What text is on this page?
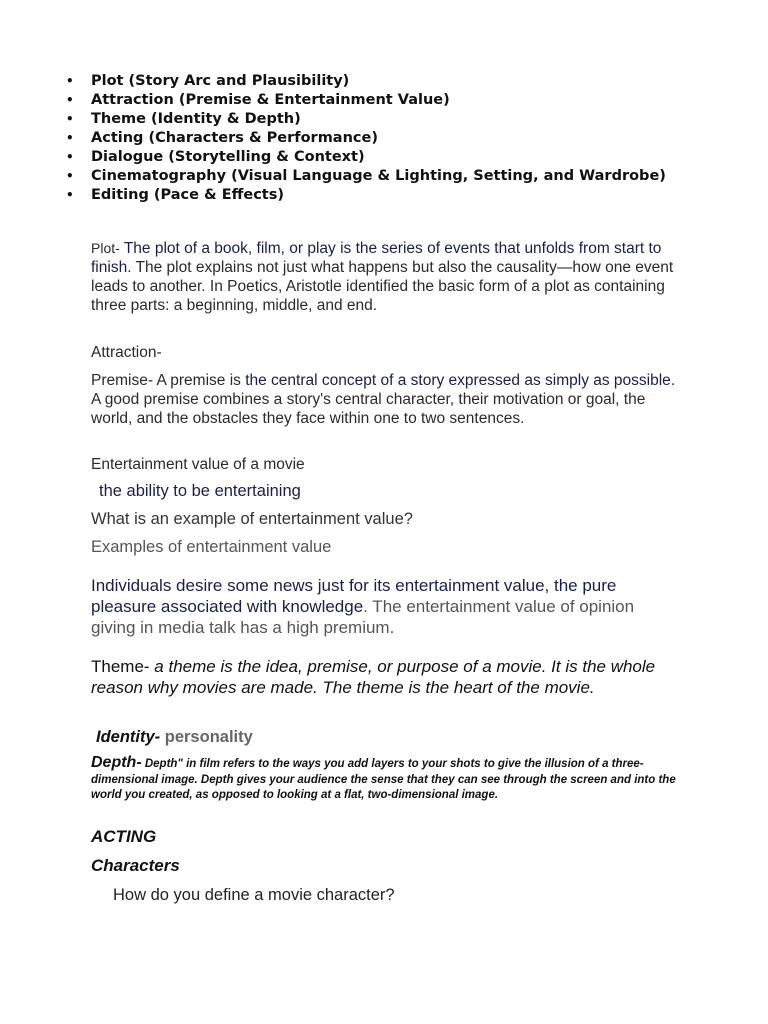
• Plot (Story Arc and Plausibility)
• Attraction (Premise & Entertainment Value)
• Theme (Identity & Depth)
• Acting (Characters & Performance)
• Dialogue (Storytelling & Context)
• Cinematography (Visual Language & Lighting, Setting, and Wardrobe)
• Editing (Pace & Effects)

Plot- The plot of a book, film, or play is the series of events that unfolds from start to finish. The plot explains not just what happens but also the causality—how one event leads to another. In Poetics, Aristotle identified the basic form of a plot as containing three parts: a beginning, middle, and end.

Attraction-

Premise- A premise is the central concept of a story expressed as simply as possible. A good premise combines a story's central character, their motivation or goal, the world, and the obstacles they face within one to two sentences.

Entertainment value of a movie

the ability to be entertaining

What is an example of entertainment value?

Examples of entertainment value

Individuals desire some news just for its entertainment value, the pure pleasure associated with knowledge. The entertainment value of opinion giving in media talk has a high premium.

Theme- a theme is the idea, premise, or purpose of a movie. It is the whole reason why movies are made. The theme is the heart of the movie.

Identity- personality

Depth- Depth" in film refers to the ways you add layers to your shots to give the illusion of a three-dimensional image. Depth gives your audience the sense that they can see through the screen and into the world you created, as opposed to looking at a flat, two-dimensional image.

ACTING

Characters

How do you define a movie character?
